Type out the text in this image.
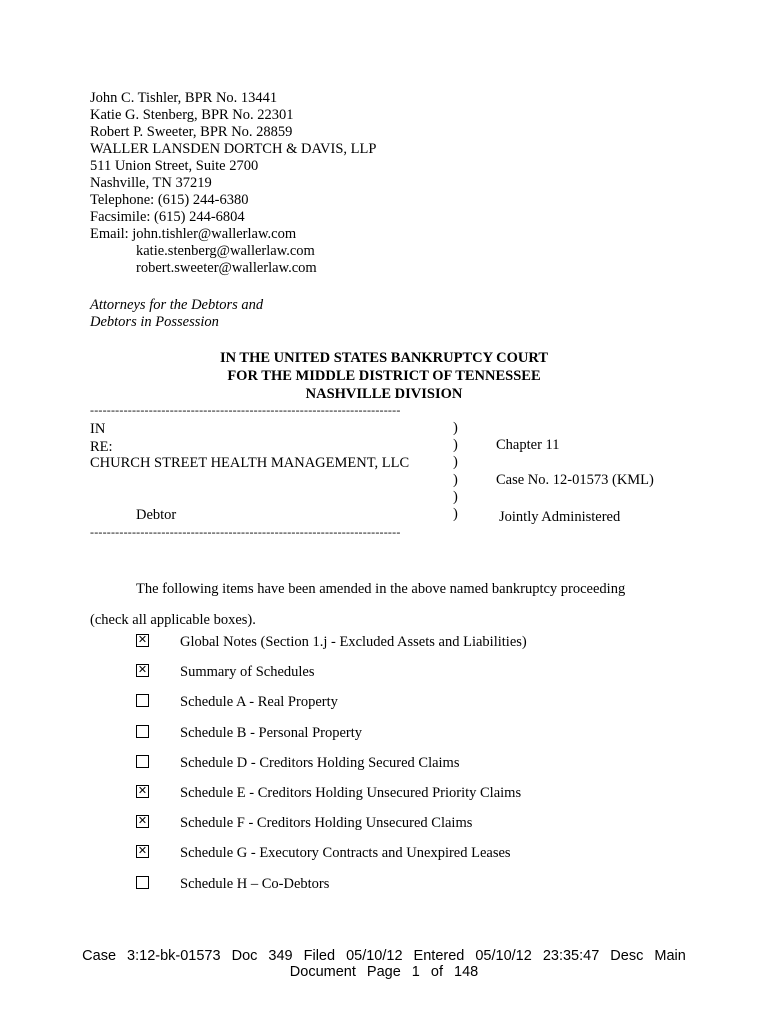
John C. Tishler, BPR No. 13441
Katie G. Stenberg, BPR No. 22301
Robert P. Sweeter, BPR No. 28859
WALLER LANSDEN DORTCH & DAVIS, LLP
511 Union Street, Suite 2700
Nashville, TN 37219
Telephone: (615) 244-6380
Facsimile: (615) 244-6804
Email: john.tishler@wallerlaw.com
katie.stenberg@wallerlaw.com
robert.sweeter@wallerlaw.com
Attorneys for the Debtors and
Debtors in Possession
IN THE UNITED STATES BANKRUPTCY COURT
FOR THE MIDDLE DISTRICT OF TENNESSEE
NASHVILLE DIVISION
--------------------------------------------------------------------------
IN RE:
CHURCH STREET HEALTH MANAGEMENT, LLC
Debtor
)
)
)
)
)
)
Chapter 11
Case No. 12-01573 (KML)
Jointly Administered
--------------------------------------------------------------------------
The following items have been amended in the above named bankruptcy proceeding
(check all applicable boxes).
✕ Global Notes (Section 1.j - Excluded Assets and Liabilities)
✕ Summary of Schedules
Schedule A - Real Property
Schedule B - Personal Property
Schedule D - Creditors Holding Secured Claims
✕ Schedule E - Creditors Holding Unsecured Priority Claims
✕ Schedule F - Creditors Holding Unsecured Claims
✕ Schedule G - Executory Contracts and Unexpired Leases
Schedule H – Co-Debtors
Case 3:12-bk-01573 Doc 349 Filed 05/10/12 Entered 05/10/12 23:35:47 Desc Main
Document Page 1 of 148
